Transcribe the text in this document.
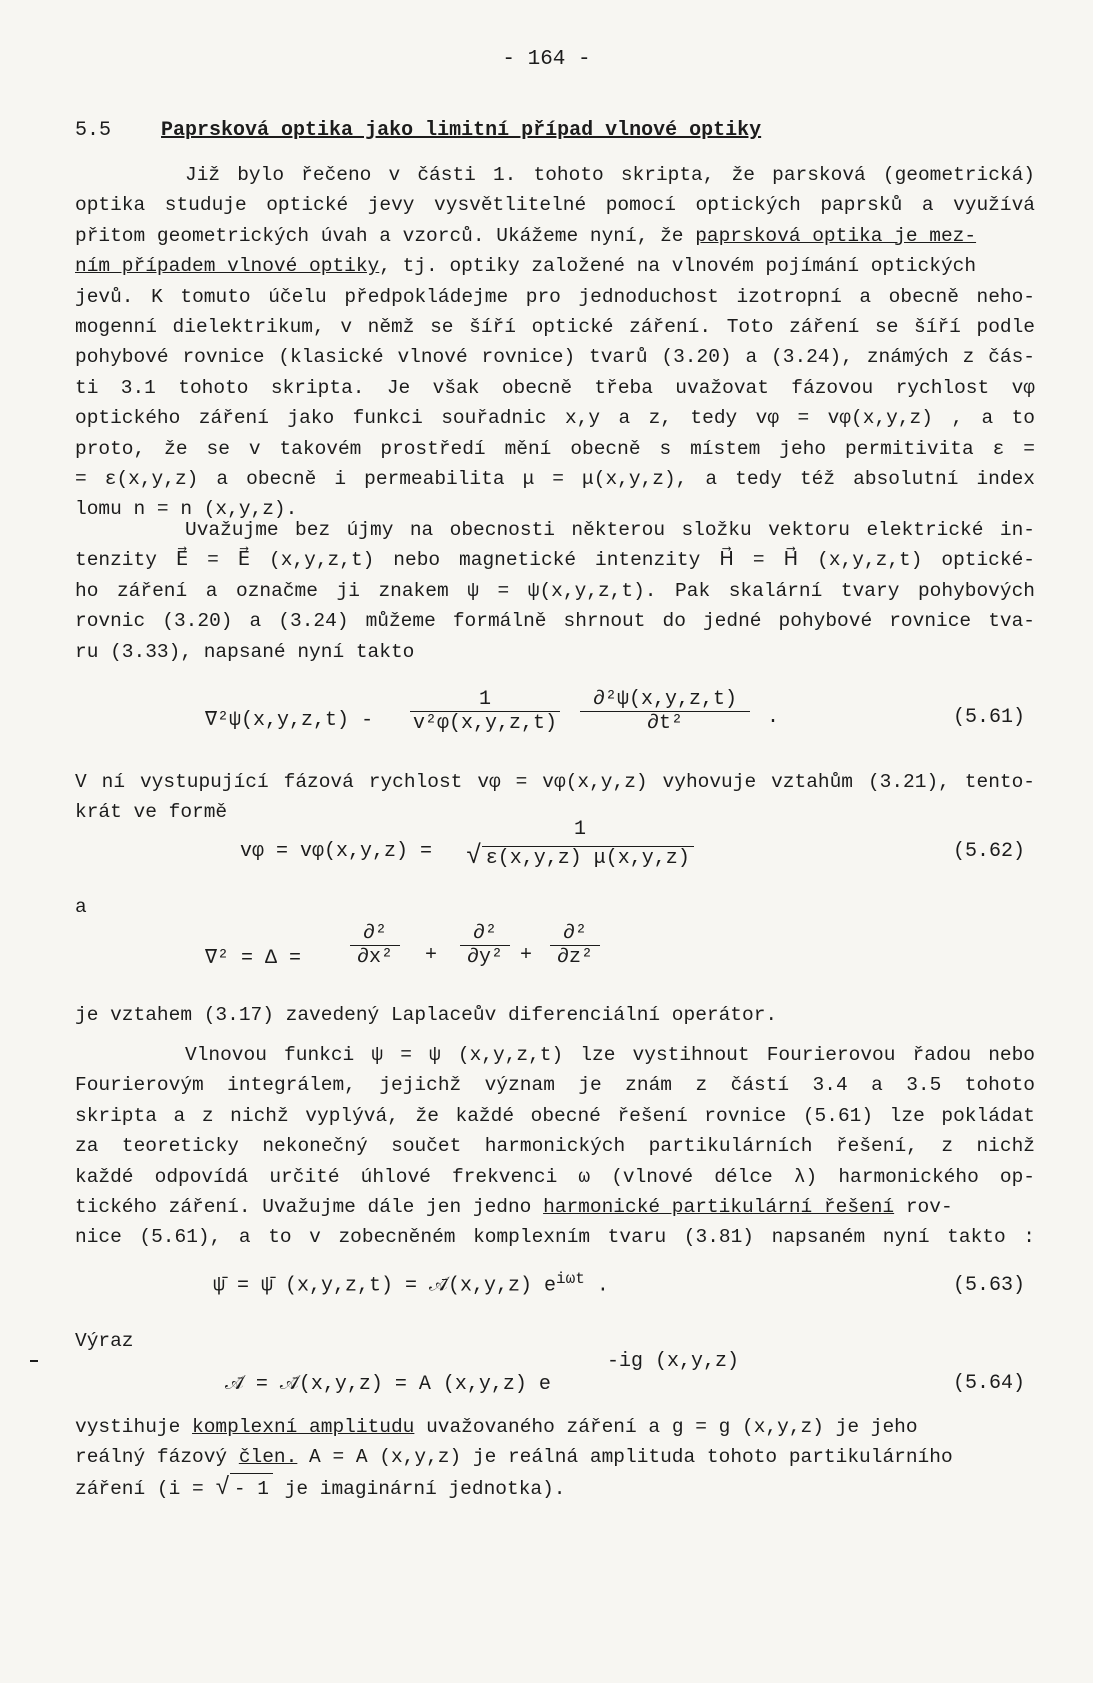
- 164 -
5.5	Paprsková optika jako limitní případ vlnové optiky
Již bylo řečeno v části 1. tohoto skripta, že parsková (geometrická)
optika studuje optické jevy vysvětlitelné pomocí optických paprsků a využívá
přitom geometrických úvah a vzorců. Ukážeme nyní, že paprsková optika je mez-
ním případem vlnové optiky, tj. optiky založené na vlnovém pojímání optických
jevů. K tomuto účelu předpokládejme pro jednoduchost izotropní a obecně neho-
mogenní dielektrikum, v němž se šíří optické záření. Toto záření se šíří podle
pohybové rovnice (klasické vlnové rovnice) tvarů (3.20) a (3.24), známých z čás-
ti 3.1 tohoto skripta. Je však obecně třeba uvažovat fázovou rychlost vφ
optického záření jako funkci souřadnic x,y a z, tedy vφ = vφ(x,y,z) , a to
proto, že se v takovém prostředí mění obecně s místem jeho permitivita ε =
= ε(x,y,z) a obecně i permeabilita μ = μ(x,y,z), a tedy též absolutní index
lomu n = n (x,y,z).
Uvažujme bez újmy na obecnosti některou složku vektoru elektrické in-
tenzity E⃗ = E⃗ (x,y,z,t) nebo magnetické intenzity H⃗ = H⃗ (x,y,z,t) optické-
ho záření a označme ji znakem ψ = ψ(x,y,z,t). Pak skalární tvary pohybových
rovnic (3.20) a (3.24) můžeme formálně shrnout do jedné pohybové rovnice tva-
ru (3.33), napsané nyní takto
$\nabla^2\psi(x,y,z,t) - \frac{1}{\text{v²φ(x,y,z,t)}} \frac{\text{∂²ψ(x,y,z,t)}}{\text{∂t²}}$ .	(5.61)
V ní vystupující fázová rychlost vφ = vφ(x,y,z) vyhovuje vztahům (3.21), tento-
krát ve formě
vφ = vφ(x,y,z) =
1
√ ε(x,y,z) μ(x,y,z)	(5.62)
a
∇² = Δ =
∂²
∂x²	+
∂²
∂y² +
∂²
∂z²
je vztahem (3.17) zavedený Laplaceův diferenciální operátor.
Vlnovou funkci ψ = ψ (x,y,z,t) lze vystihnout Fourierovou řadou nebo
Fourierovým integrálem, jejichž význam je znám z částí 3.4 a 3.5 tohoto
skripta a z nichž vyplývá, že každé obecné řešení rovnice (5.61) lze pokládat
za teoreticky nekonečný součet harmonických partikulárních řešení, z nichž
každé odpovídá určité úhlové frekvenci ω (vlnové délce λ) harmonického op-
tického záření. Uvažujme dále jen jedno harmonické partikulární řešení rov-
nice (5.61), a to v zobecněném komplexním tvaru (3.81) napsaném nyní takto :
ψ̄ = ψ̄ (x,y,z,t) = 𝒜̄(x,y,z) $e^{i\omega t}$ .	(5.63)
Výraz
𝒜̄ = 𝒜̄(x,y,z) = A (x,y,z) e
-ig (x,y,z)
(5.64)
vystihuje komplexní amplitudu uvažovaného záření a g = g (x,y,z) je jeho
reálný fázový člen. A = A (x,y,z) je reálná amplituda tohoto partikulárního
záření (i = √ - 1 je imaginární jednotka).
